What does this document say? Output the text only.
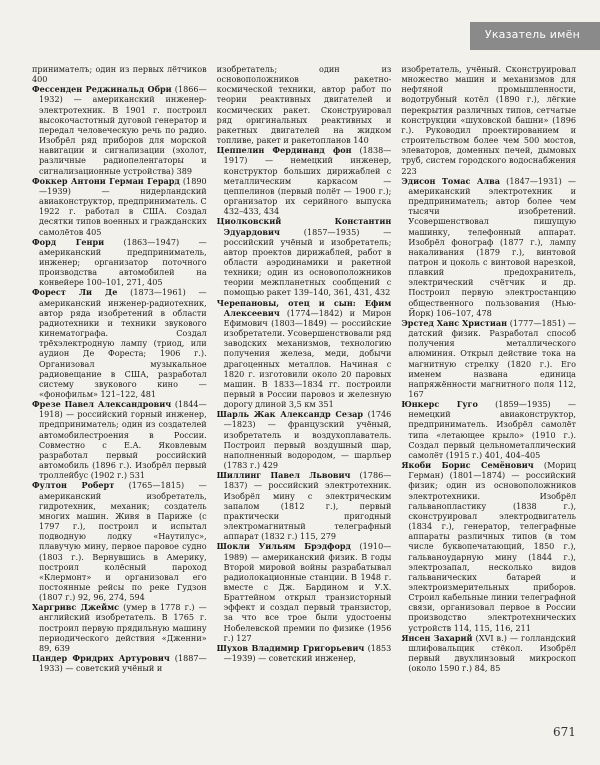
Указатель имён

принимателъ; один из первых лётчиков 400

Фессенден Реджинальд Обри (1866—1932) — американский инженер-электротехник. В 1901 г. построил высокочастотный дуговой генератор и передал человеческую речь по радио. Изобрёл ряд приборов для морской навигации и сигнализации (эхолот, различные радиопеленгаторы и сигнализационные устройства) 389

Фоккер Антони Герман Герард (1890—1939) — нидерландский авиаконструктор, предприниматель. С 1922 г. работал в США. Создал десятки типов военных и гражданских самолётов 405

Форд Генри (1863—1947) — американский предприниматель, инженер; организатор поточного производства автомобилей на конвейере 100–101, 271, 405

Форест Ли Де (1873—1961) — американский инженер-радиотехник, автор ряда изобретений в области радиотехники и техники звукового кинематографа. Создал трёхэлектродную лампу (триод, или аудион Де Фореста; 1906 г.). Организовал музыкальное радиовещание в США, разработал систему звукового кино — «фонофильм» 121–122, 481

Фрезе Павел Александрович (1844—1918) — российский горный инженер, предприниматель; один из создателей автомобилестроения в России. Совместно с Е.А. Яковлевым разработал первый российский автомобиль (1896 г.). Изобрёл первый троллейбус (1902 г.) 531

Фултон Роберт (1765—1815) — американский изобретатель, гидротехник, механик; создатель многих машин. Живя в Париже (с 1797 г.), построил и испытал подводную лодку «Наутилус», плавучую мину, первое паровое судно (1803 г.). Вернувшись в Америку, построил колёсный пароход «Клермонт» и организовал его постоянные рейсы по реке Гудзон (1807 г.) 92, 96, 274, 594

Харгривс Джеймс (умер в 1778 г.) — английский изобретатель. В 1765 г. построил первую прядильную машину периодического действия «Дженни» 89, 639

Цандер Фридрих Артурович (1887—1933) — советский учёный и

изобретатель; один из основоположников ракетно-космической техники, автор работ по теории реактивных двигателей и космических ракет. Сконструировал ряд оригинальных реактивных и ракетных двигателей на жидком топливе, ракет и ракетопланов 140

Цеппелин Фердинанд фон (1838—1917) — немецкий инженер, конструктор больших дирижаблей с металлическим каркасом — цеппелинов (первый полёт — 1900 г.); организатор их серийного выпуска 432–433, 434

Циолковский Константин Эдуардович (1857—1935) — российский учёный и изобретатель; автор проектов дирижаблей, работ в области аэродинамики и ракетной техники; один из основоположников теории межпланетных сообщений с помощью ракет 139–140, 361, 431, 432

Черепановы, отец и сын: Ефим Алексеевич (1774—1842) и Мирон Ефимович (1803—1849) — российские изобретатели. Усовершенствовали ряд заводских механизмов, технологию получения железа, меди, добычи драгоценных металлов. Начиная с 1820 г. изготовили около 20 паровых машин. В 1833—1834 гг. построили первый в России паровоз и железную дорогу длиной 3,5 км 351

Шарль Жак Александр Сезар (1746—1823) — французский учёный, изобретатель и воздухоплаватель. Построил первый воздушный шар, наполненный водородом, — шарльер (1783 г.) 429

Шиллинг Павел Львович (1786—1837) — российский электротехник. Изобрёл мину с электрическим запалом (1812 г.), первый практически пригодный электромагнитный телеграфный аппарат (1832 г.) 115, 279

Шокли Уильям Брэдфорд (1910—1989) — американский физик. В годы Второй мировой войны разрабатывал радиолокационные станции. В 1948 г. вместе с Дж. Бардином и У.Х. Браттейном открыл транзисторный эффект и создал первый транзистор, за что все трое были удостоены Нобелевской премии по физике (1956 г.) 127

Шухов Владимир Григорьевич (1853—1939) — советский инженер,

изобретатель, учёный. Сконструировал множество машин и механизмов для нефтяной промышленности, водотрубный котёл (1890 г.), лёгкие перекрытия различных типов, сетчатые конструкции «шуховской башни» (1896 г.). Руководил проектированием и строительством более чем 500 мостов, элеваторов, доменных печей, дымовых труб, систем городского водоснабжения 223

Эдисон Томас Алва (1847—1931) — американский электротехник и предприниматель; автор более чем тысячи изобретений. Усовершенствовал пишущую машинку, телефонный аппарат. Изобрёл фонограф (1877 г.), лампу накаливания (1879 г.), винтовой патрон и цоколь с винтовой нарезкой, плавкий предохранитель, электрический счётчик и др. Построил первую электростанцию общественного пользования (Нью-Йорк) 106–107, 478

Эрстед Ханс Христиан (1777—1851) — датский физик. Разработал способ получения металлического алюминия. Открыл действие тока на магнитную стрелку (1820 г.). Его именем названа единица напряжённости магнитного поля 112, 167

Юнкерс Гуго (1859—1935) — немецкий авиаконструктор, предприниматель. Изобрёл самолёт типа «летающее крыло» (1910 г.). Создал первый цельнометаллический самолёт (1915 г.) 401, 404–405

Якоби Борис Семёнович (Мориц Герман) (1801—1874) — российский физик; один из основоположников электротехники. Изобрёл гальванопластику (1838 г.), сконструировал электродвигатель (1834 г.), генератор, телеграфные аппараты различных типов (в том числе буквопечатающий, 1850 г.), гальваноударную мину (1844 г.), электрозапал, несколько видов гальванических батарей и электроизмерительных приборов. Строил кабельные линии телеграфной связи, организовал первое в России производство электротехнических устройств 114, 115, 116, 211

Янсен Захарий (XVI в.) — голландский шлифовальщик стёкол. Изобрёл первый двухлинзовый микроскоп (около 1590 г.) 84, 85

671
